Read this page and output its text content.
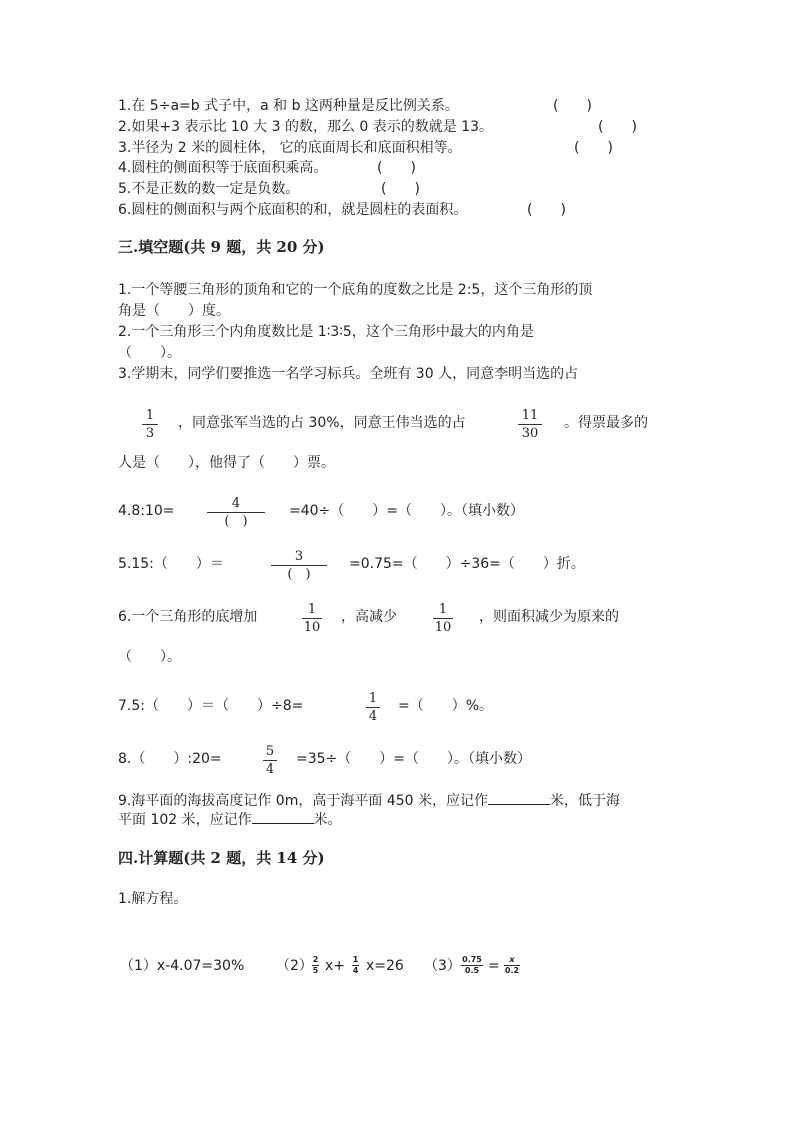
1.在 5÷a=b 式子中，a 和 b 这两种量是反比例关系。	(　　)
2.如果+3 表示比 10 大 3 的数，那么 0 表示的数就是 13。	(　　)
3.半径为 2 米的圆柱体， 它的底面周长和底面积相等。	(　　)
4.圆柱的侧面积等于底面积乘高。	(　　)
5.不是正数的数一定是负数。	(　　)
6.圆柱的侧面积与两个底面积的和，就是圆柱的表面积。	(　　)
三.填空题(共 9 题，共 20 分)
1.一个等腰三角形的顶角和它的一个底角的度数之比是 2:5，这个三角形的顶
角是（　　）度。
2.一个三角形三个内角度数比是 1∶3∶5，这个三角形中最大的内角是
（　　）。
3.学期末，同学们要推选一名学习标兵。全班有 30 人，同意李明当选的占
$\frac{1}{3}$ ，同意张军当选的占 30%，同意王伟当选的占	$\frac{11}{30}$ 。得票最多的
人是（　　），他得了（　　）票。
4.8:10=	4
(　)
=40÷（　　）=（　　）。（填小数）
5.15:（　　）＝	3
(　)
=0.75=（　　）÷36=（　　）折。
6.一个三角形的底增加	$\frac{1}{10}$ ，高减少	$\frac{1}{10}$ ，则面积减少为原来的
（　　）。
7.5:（　　）＝（　　）÷8=	$\frac{1}{4}$ =（　　）%。
8.（　　）:20=	$\frac{5}{4} =35\div$（　　）=（　　）。（填小数）
9.海平面的海拔高度记作 0m，高于海平面 450 米，应记作	米，低于海
平面 102 米，应记作	米。
四.计算题(共 2 题，共 14 分)
1.解方程。
（1）x-4.07=30% $(2) \frac{2}{5} x+ \frac{1}{4} x=26$ $(3) \frac{0.75}{0.5} = \frac{x}{0.2}$
